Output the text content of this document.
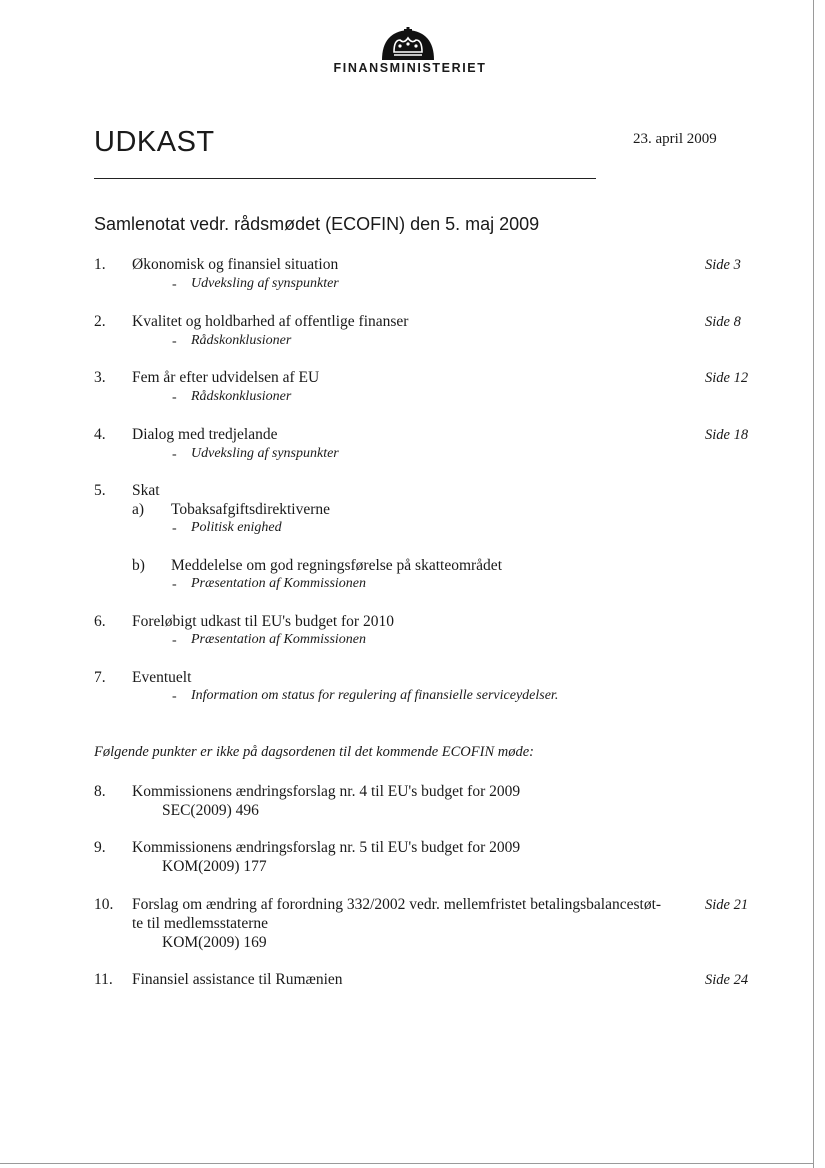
FINANSMINISTERIET
UDKAST	23. april 2009
Samlenotat vedr. rådsmødet (ECOFIN) den 5. maj 2009
1. Økonomisk og finansiel situation
- Udveksling af synspunkter
Side 3
2. Kvalitet og holdbarhed af offentlige finanser
- Rådskonklusioner
Side 8
3. Fem år efter udvidelsen af EU
- Rådskonklusioner
Side 12
4. Dialog med tredjelande
- Udveksling af synspunkter
Side 18
5. Skat
a) Tobaksafgiftsdirektiverne
- Politisk enighed
b) Meddelelse om god regningsførelse på skatteområdet
- Præsentation af Kommissionen
6. Foreløbigt udkast til EU's budget for 2010
- Præsentation af Kommissionen
7. Eventuelt
- Information om status for regulering af finansielle serviceydelser.
Følgende punkter er ikke på dagsordenen til det kommende ECOFIN møde:
8. Kommissionens ændringsforslag nr. 4 til EU's budget for 2009
SEC(2009) 496
9. Kommissionens ændringsforslag nr. 5 til EU's budget for 2009
KOM(2009) 177
10. Forslag om ændring af forordning 332/2002 vedr. mellemfristet betalingsbalancestøt-
te til medlemsstaterne
KOM(2009) 169
Side 21
11. Finansiel assistance til Rumænien	Side 24
